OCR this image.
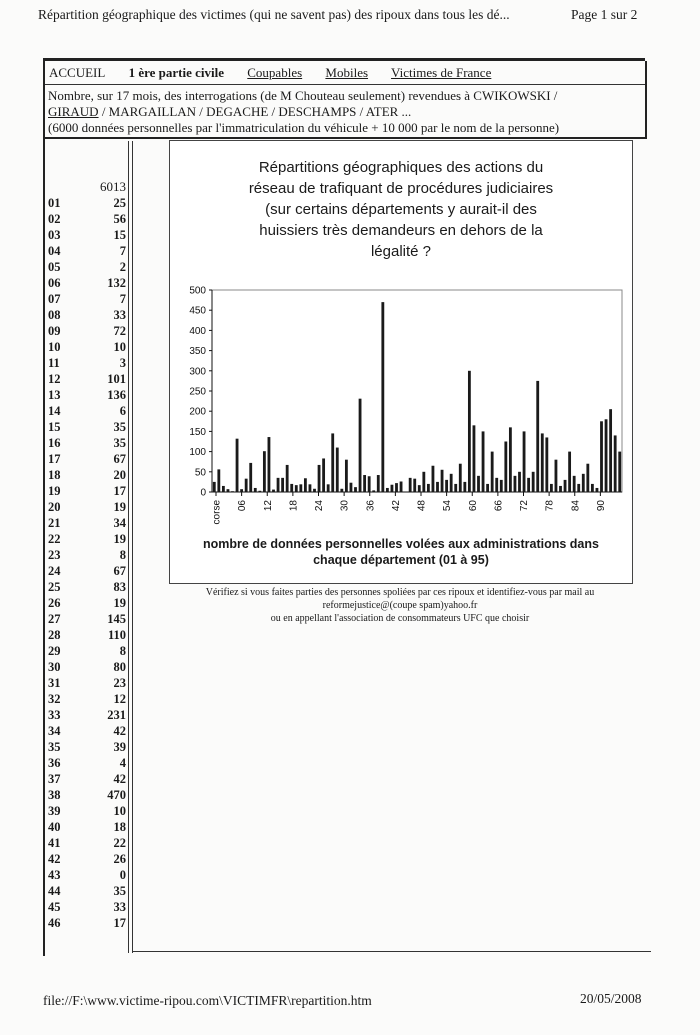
Répartition géographique des victimes (qui ne savent pas) des ripoux dans tous les dé...	Page 1 sur 2
ACCUEIL 1 ère partie civile Coupables Mobiles Victimes de France
Nombre, sur 17 mois, des interrogations (de M Chouteau seulement) revendues à CWIKOWSKI /
GIRAUD / MARGAILLAN / DEGACHE / DESCHAMPS / ATER ...
(6000 données personnelles par l'immatriculation du véhicule + 10 000 par le nom de la personne)
6013
01	25
02	56
03	15
04	7
05	2
06	132
07	7
08	33
09	72
10	10
11	3
12	101
13	136
14	6
15	35
16	35
17	67
18	20
19	17
20	19
21	34
22	19
23	8
24	67
25	83
26	19
27	145
28	110
29	8
30	80
31	23
32	12
33	231
34	42
35	39
36	4
37	42
38	470
39	10
40	18
41	22
42	26
43	0
44	35
45	33
46	17
Répartitions géographiques des actions du
réseau de trafiquant de procédures judiciaires
(sur certains départements y aurait-il des
huissiers très demandeurs en dehors de la
légalité ?
0
50
100
150
200
250
300
350
400
450
500
corse 06 12 18 24 30 36 42 48 54 60 66 72 78 84 90
nombre de données personnelles volées aux administrations dans
chaque département (01 à 95)
Vérifiez si vous faites parties des personnes spoliées par ces ripoux et identifiez-vous par mail au
reformejustice@(coupe spam)yahoo.fr
ou en appellant l'association de consommateurs UFC que choisir
file://F:\www.victime-ripou.com\VICTIMFR\repartition.htm	20/05/2008
